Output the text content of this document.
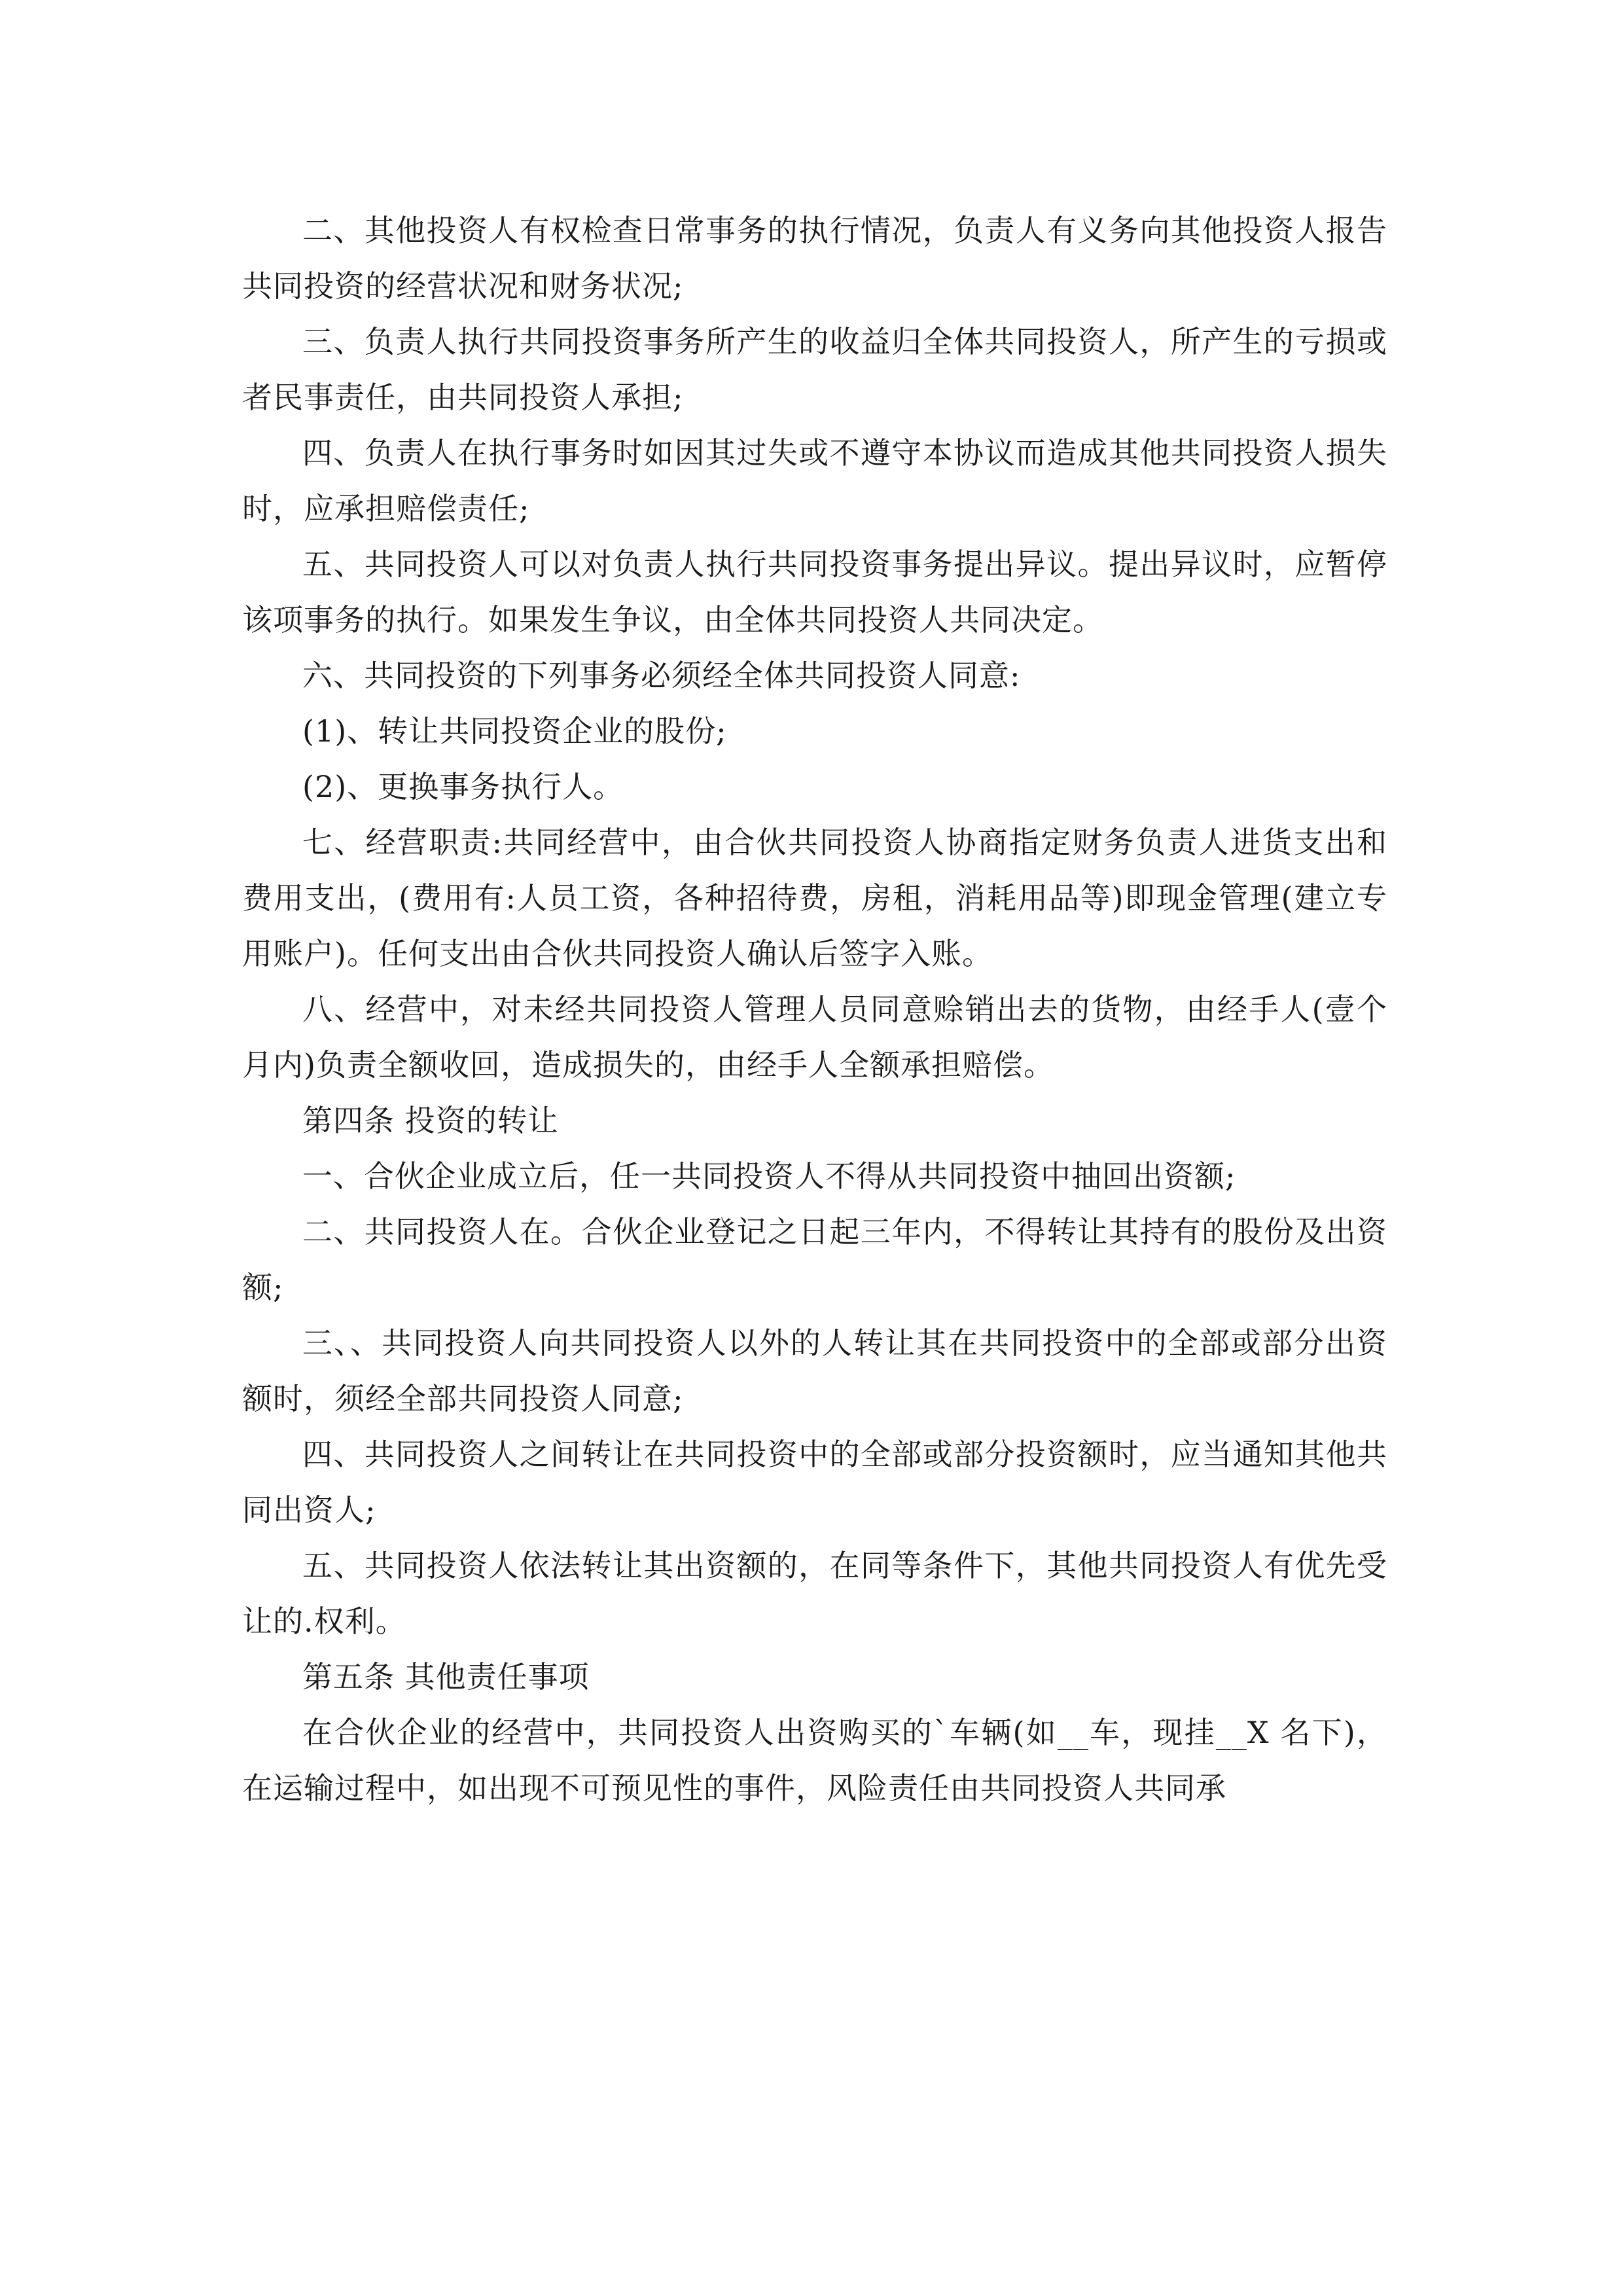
二、其他投资人有权检查日常事务的执行情况，负责人有义务向其他投资人报告共同投资的经营状况和财务状况;

三、负责人执行共同投资事务所产生的收益归全体共同投资人，所产生的亏损或者民事责任，由共同投资人承担;

四、负责人在执行事务时如因其过失或不遵守本协议而造成其他共同投资人损失时，应承担赔偿责任;

五、共同投资人可以对负责人执行共同投资事务提出异议。提出异议时，应暂停该项事务的执行。如果发生争议，由全体共同投资人共同决定。

六、共同投资的下列事务必须经全体共同投资人同意:

(1)、转让共同投资企业的股份;

(2)、更换事务执行人。

七、经营职责:共同经营中，由合伙共同投资人协商指定财务负责人进货支出和费用支出，(费用有:人员工资，各种招待费，房租，消耗用品等)即现金管理(建立专用账户)。任何支出由合伙共同投资人确认后签字入账。

八、经营中，对未经共同投资人管理人员同意赊销出去的货物，由经手人(壹个月内)负责全额收回，造成损失的，由经手人全额承担赔偿。

第四条 投资的转让

一、合伙企业成立后，任一共同投资人不得从共同投资中抽回出资额;

二、共同投资人在。合伙企业登记之日起三年内，不得转让其持有的股份及出资额;

三、、共同投资人向共同投资人以外的人转让其在共同投资中的全部或部分出资额时，须经全部共同投资人同意;

四、共同投资人之间转让在共同投资中的全部或部分投资额时，应当通知其他共同出资人;

五、共同投资人依法转让其出资额的，在同等条件下，其他共同投资人有优先受让的.权利。

第五条 其他责任事项

在合伙企业的经营中，共同投资人出资购买的`车辆(如__车，现挂__X 名下)，在运输过程中，如出现不可预见性的事件，风险责任由共同投资人共同承
